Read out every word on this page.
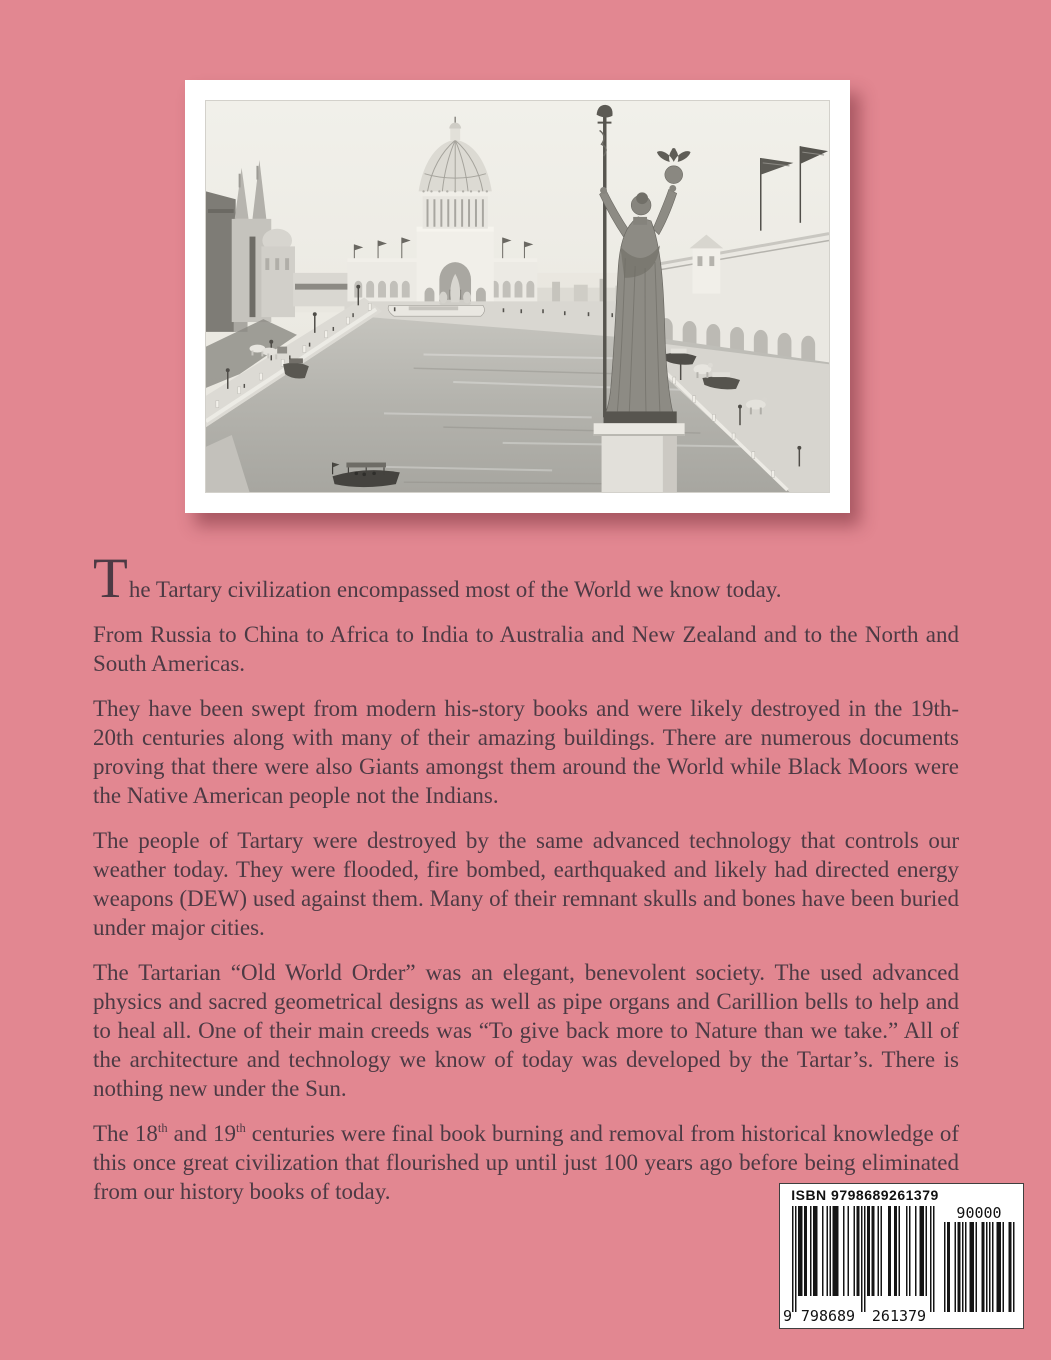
The Tartary civilization encompassed most of the World we know today.

From Russia to China to Africa to India to Australia and New Zealand and to the North and South Americas.

They have been swept from modern his-story books and were likely destroyed in the 19th-20th centuries along with many of their amazing buildings. There are numerous documents proving that there were also Giants amongst them around the World while Black Moors were the Native American people not the Indians.

The people of Tartary were destroyed by the same advanced technology that controls our weather today. They were flooded, fire bombed, earthquaked and likely had directed energy weapons (DEW) used against them. Many of their remnant skulls and bones have been buried under major cities.

The Tartarian “Old World Order” was an elegant, benevolent society. The used advanced physics and sacred geometrical designs as well as pipe organs and Carillion bells to help and to heal all. One of their main creeds was “To give back more to Nature than we take.” All of the architecture and technology we know of today was developed by the Tartar’s. There is nothing new under the Sun.

The 18th and 19th centuries were final book burning and removal from historical knowledge of this once great civilization that flourished up until just 100 years ago before being eliminated from our history books of today.	ISBN 9798689261379
9 798689 261379
90000
